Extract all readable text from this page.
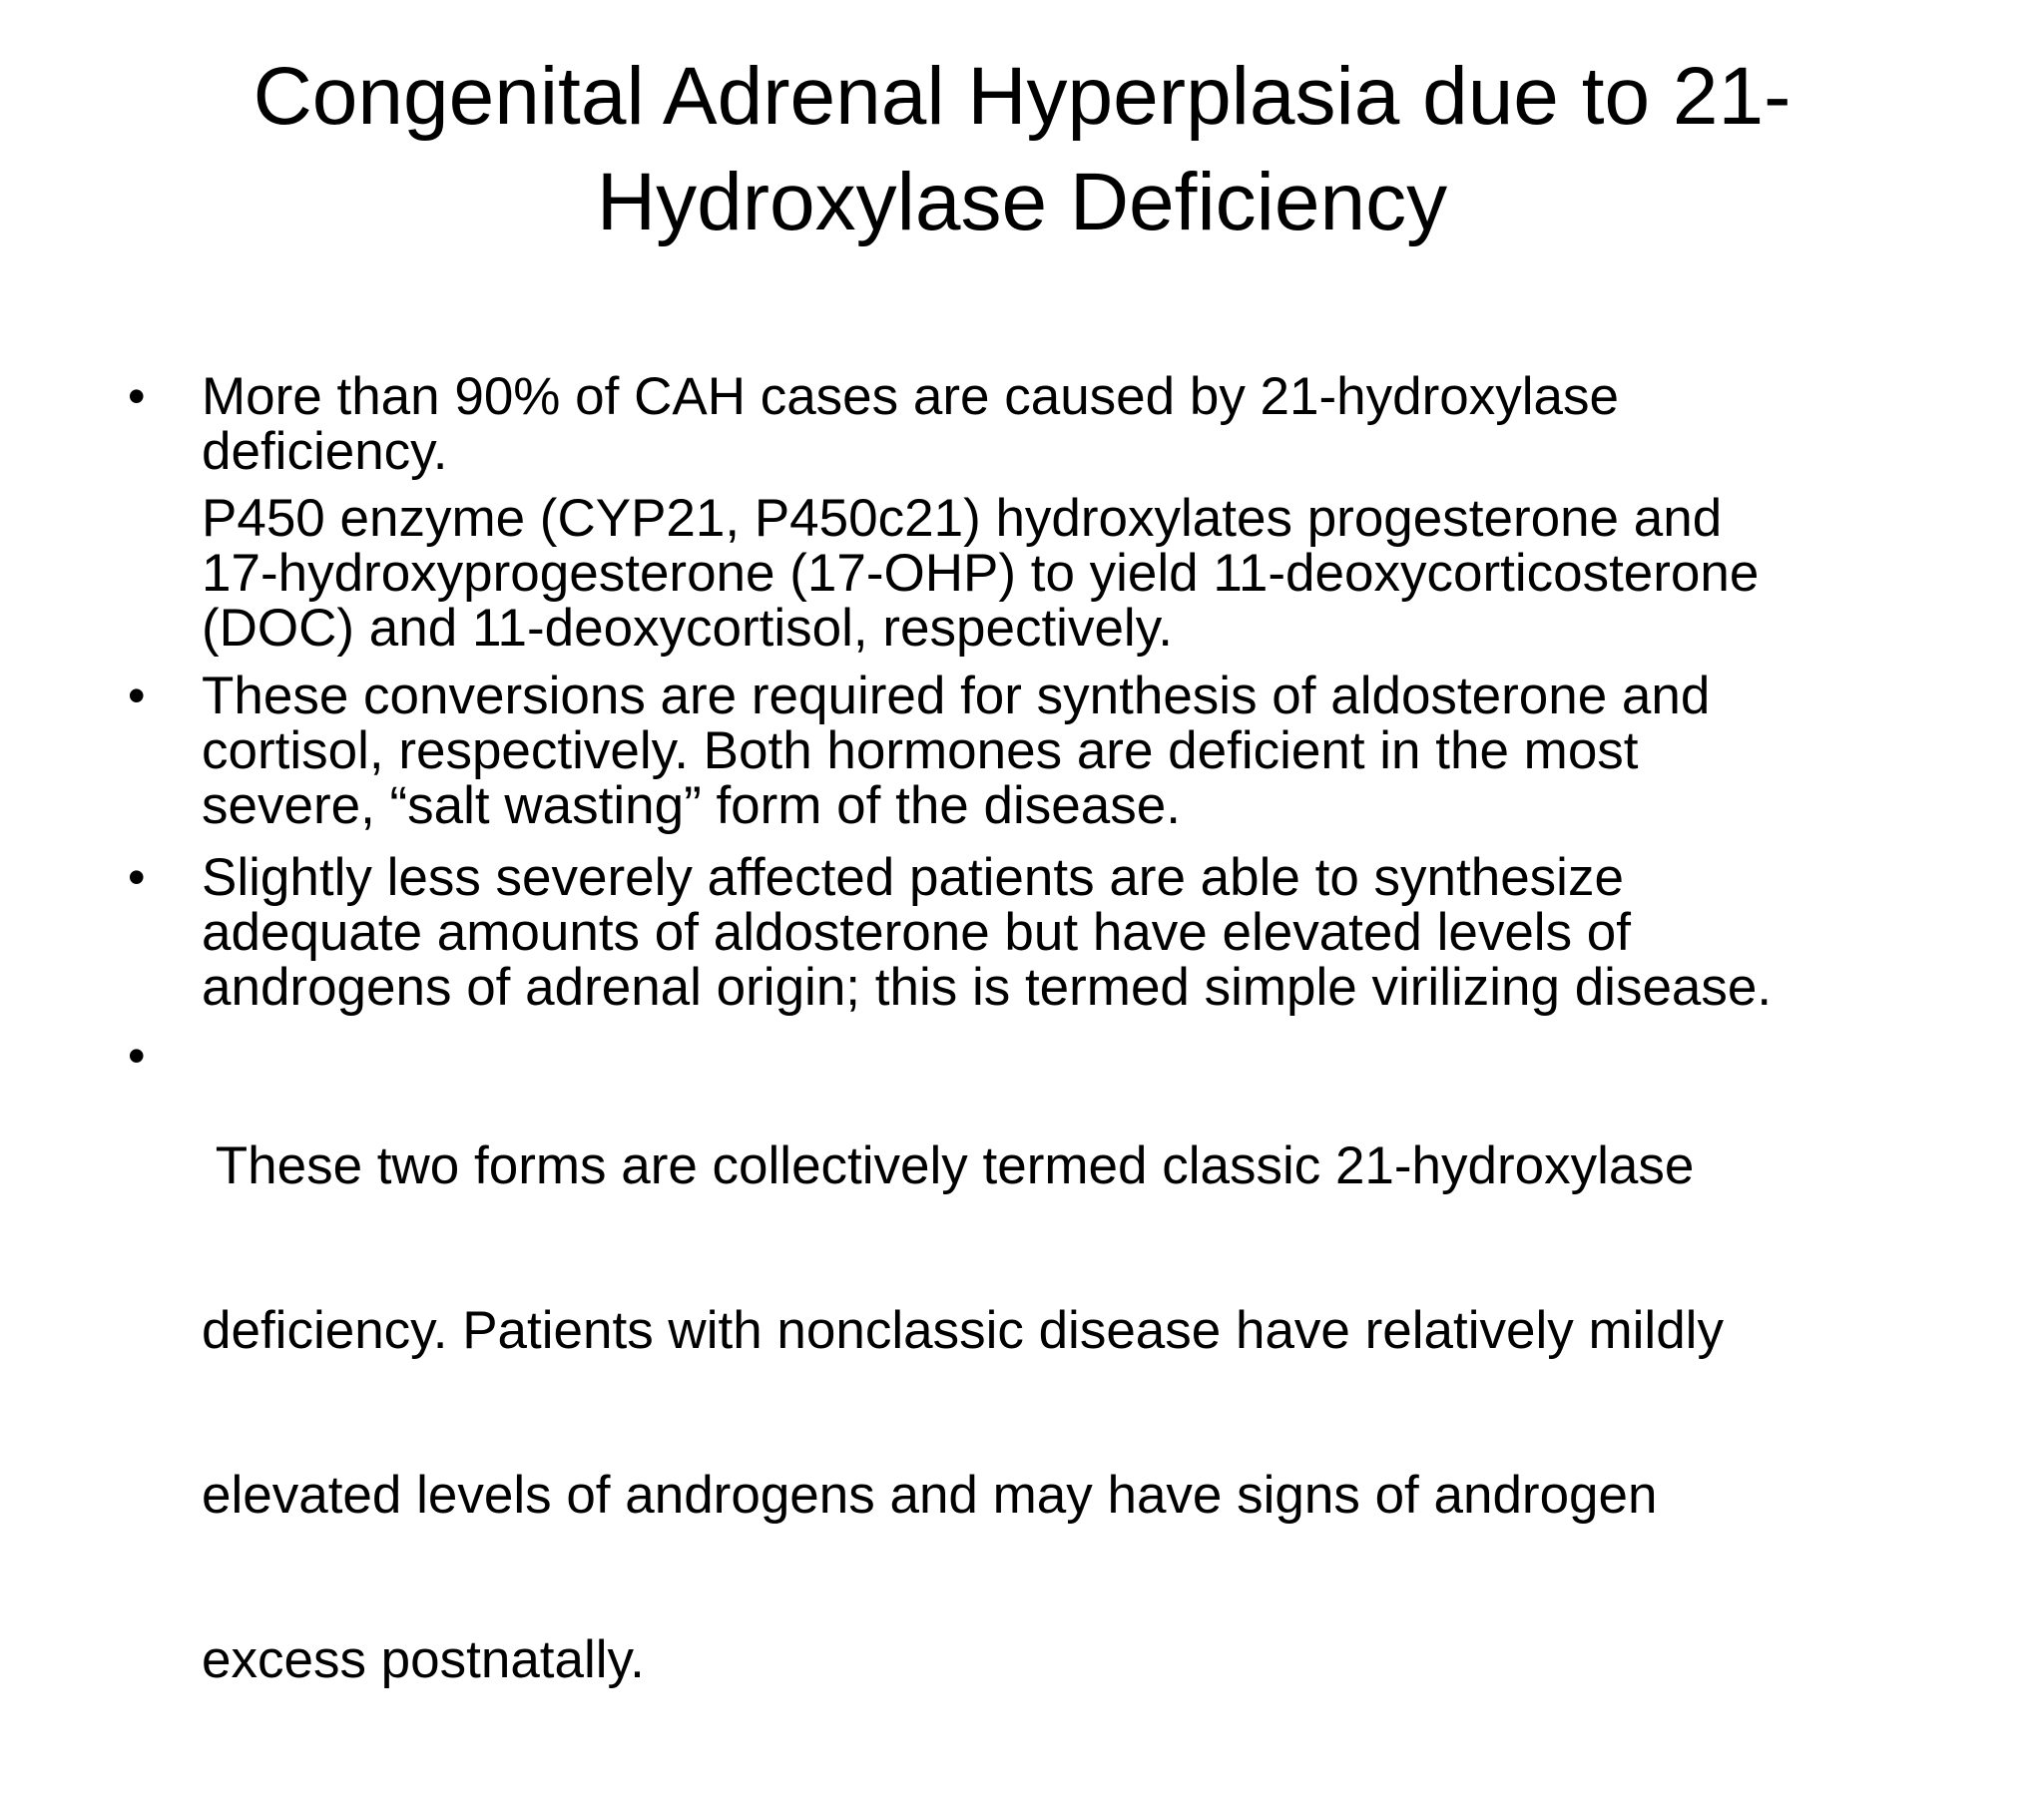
Congenital Adrenal Hyperplasia due to 21-
Hydroxylase Deficiency
• More than 90% of CAH cases are caused by 21-hydroxylase
deficiency.

P450 enzyme (CYP21, P450c21) hydroxylates progesterone and
17-hydroxyprogesterone (17-OHP) to yield 11-deoxycorticosterone
(DOC) and 11-deoxycortisol, respectively.

• These conversions are required for synthesis of aldosterone and
cortisol, respectively. Both hormones are deficient in the most
severe, “salt wasting” form of the disease.

• Slightly less severely affected patients are able to synthesize
adequate amounts of aldosterone but have elevated levels of
androgens of adrenal origin; this is termed simple virilizing disease.

•

These two forms are collectively termed classic 21-hydroxylase

deficiency. Patients with nonclassic disease have relatively mildly

elevated levels of androgens and may have signs of androgen

excess postnatally.
